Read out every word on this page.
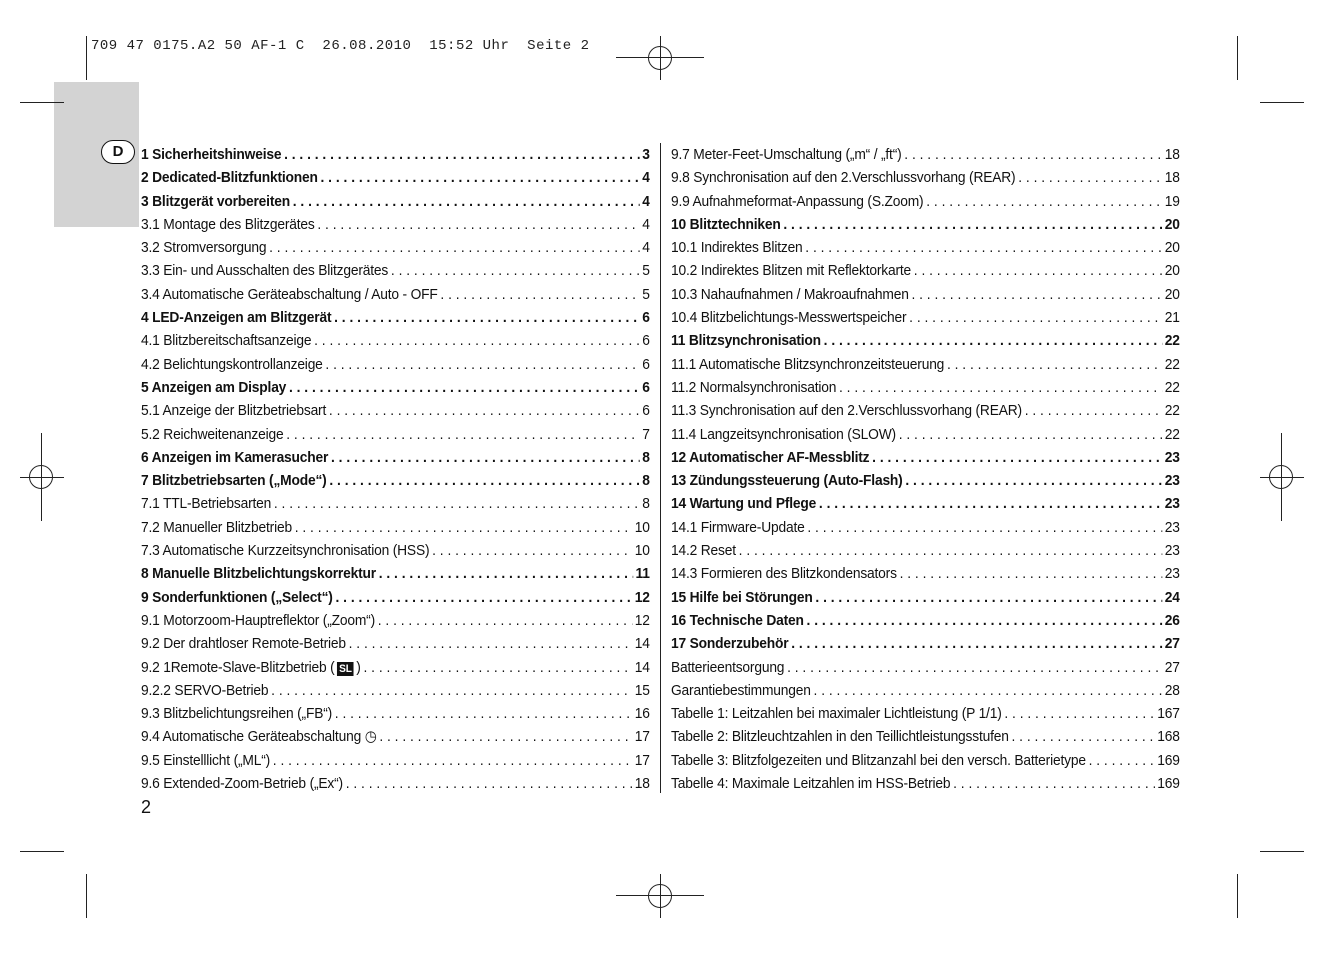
709 47 0175.A2 50 AF-1 C  26.08.2010  15:52 Uhr  Seite 2
D	1 Sicherheitshinweise . . .	3
2 Dedicated-Blitzfunktionen . . .	4
3 Blitzgerät vorbereiten . . .	4
3.1 Montage des Blitzgerätes . . .	4
3.2 Stromversorgung . . .	4
3.3 Ein- und Ausschalten des Blitzgerätes . . .	5
3.4 Automatische Geräteabschaltung / Auto - OFF . . .	5
4 LED-Anzeigen am Blitzgerät . . .	6
4.1 Blitzbereitschaftsanzeige . . .	6
4.2 Belichtungskontrollanzeige . . .	6
5 Anzeigen am Display . . .	6
5.1 Anzeige der Blitzbetriebsart . . .	6
5.2 Reichweitenanzeige . . .	7
6 Anzeigen im Kamerasucher . . .	8
7 Blitzbetriebsarten („Mode“) . . .	8
7.1 TTL-Betriebsarten . . .	8
7.2 Manueller Blitzbetrieb . . .	10
7.3 Automatische Kurzzeitsynchronisation (HSS) . . .	10
8 Manuelle Blitzbelichtungskorrektur . . .	11
9 Sonderfunktionen („Select“) . . .	12
9.1 Motorzoom-Hauptreflektor („Zoom“) . . .	12
9.2 Der drahtloser Remote-Betrieb . . .	14
9.2 1Remote-Slave-Blitzbetrieb ( SL ) . . .	14
9.2.2 SERVO-Betrieb . . .	15
9.3 Blitzbelichtungsreihen („FB“) . . .	16
9.4 Automatische Geräteabschaltung ◷ . . .	17
9.5 Einstelllicht („ML“) . . .	17
9.6 Extended-Zoom-Betrieb („Ex“) . . .	18
9.7 Meter-Feet-Umschaltung („m“ / „ft“) . . .	18
9.8 Synchronisation auf den 2.Verschlussvorhang (REAR) . . .	18
9.9 Aufnahmeformat-Anpassung (S.Zoom) . . .	19
10 Blitztechniken . . .	20
10.1 Indirektes Blitzen . . .	20
10.2 Indirektes Blitzen mit Reflektorkarte . . .	20
10.3 Nahaufnahmen / Makroaufnahmen . . .	20
10.4 Blitzbelichtungs-Messwertspeicher . . .	21
11 Blitzsynchronisation . . .	22
11.1 Automatische Blitzsynchronzeitsteuerung . . .	22
11.2 Normalsynchronisation . . .	22
11.3 Synchronisation auf den 2.Verschlussvorhang (REAR) . . .	22
11.4 Langzeitsynchronisation (SLOW) . . .	22
12 Automatischer AF-Messblitz . . .	23
13 Zündungssteuerung (Auto-Flash) . . .	23
14 Wartung und Pflege . . .	23
14.1 Firmware-Update . . .	23
14.2 Reset . . .	23
14.3 Formieren des Blitzkondensators . . .	23
15 Hilfe bei Störungen . . .	24
16 Technische Daten . . .	26
17 Sonderzubehör . . .	27
Batterieentsorgung . . .	27
Garantiebestimmungen . . .	28
Tabelle 1: Leitzahlen bei maximaler Lichtleistung (P 1/1) . . .	167
Tabelle 2: Blitzleuchtzahlen in den Teillichtleistungsstufen . . .	168
Tabelle 3: Blitzfolgezeiten und Blitzanzahl bei den versch. Batterietype . . .	169
Tabelle 4: Maximale Leitzahlen im HSS-Betrieb . . .	169
2
